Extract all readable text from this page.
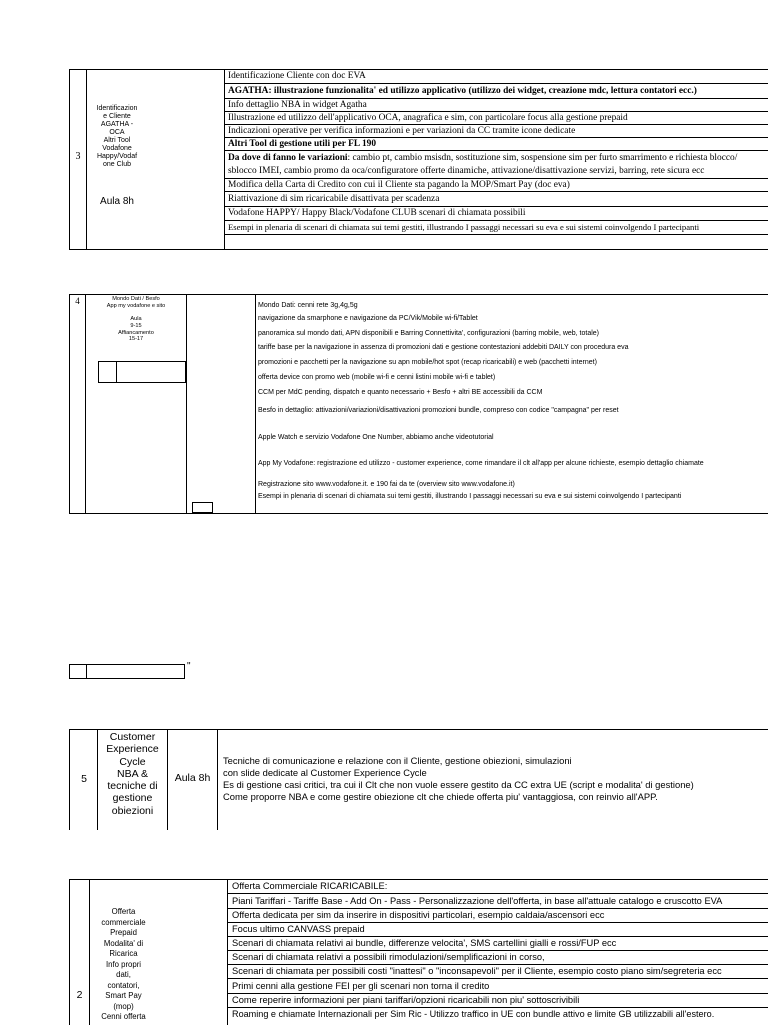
3
Identificazion
e Cliente
AGATHA -
OCA
Altri Tool
Vodafone
Happy/Vodaf
one Club
Aula 8h
Identificazione Cliente con doc EVA
AGATHA: illustrazione funzionalita' ed utilizzo applicativo (utilizzo dei widget, creazione mdc, lettura contatori ecc.)
Info dettaglio NBA in widget Agatha
Illustrazione ed utilizzo dell'applicativo OCA, anagrafica e sim, con particolare focus alla gestione prepaid
Indicazioni operative per verifica informazioni e per variazioni da CC tramite icone dedicate
Altri Tool di gestione utili per FL 190
Da dove di fanno le variazioni: cambio pt, cambio msisdn, sostituzione sim, sospensione sim per furto smarrimento e richiesta blocco/
sblocco IMEI, cambio promo da oca/configuratore offerte dinamiche, attivazione/disattivazione servizi, barring, rete sicura ecc
Modifica della Carta di Credito con cui il Cliente sta pagando la MOP/Smart Pay (doc eva)
Riattivazione di sim ricaricabile disattivata per scadenza
Vodafone HAPPY/ Happy Black/Vodafone CLUB scenari di chiamata possibili
Esempi in plenaria di scenari di chiamata sui temi gestiti, illustrando I passaggi necessari su eva e sui sistemi coinvolgendo I partecipanti
4	Mondo Dati / Besfo
App my vodafone e sito

Aula
9-15
Affiancamento
15-17
Mondo Dati: cenni rete 3g,4g,5g
navigazione da smarphone e navigazione da PC/Vik/Mobile wi-fi/Tablet
panoramica sul mondo dati, APN disponibili e Barring Connettivita', configurazioni (barring mobile, web, totale)
tariffe base per la navigazione in assenza di promozioni dati e gestione contestazioni addebiti DAILY con procedura eva
promozioni e pacchetti per la navigazione su apn mobile/hot spot (recap ricaricabili) e web (pacchetti internet)
offerta device con promo web (mobile wi-fi e cenni listini mobile wi-fi e tablet)
CCM per MdC pending, dispatch e quanto necessario + Besfo + altri BE accessibili da CCM
Besfo in dettaglio: attivazioni/variazioni/disattivazioni promozioni bundle, compreso con codice "campagna" per reset
Apple Watch e servizio Vodafone One Number, abbiamo anche videotutorial
App My Vodafone: registrazione ed utilizzo - customer experience, come rimandare il clt all'app per alcune richieste, esempio dettaglio chiamate
Registrazione sito www.vodafone.it. e 190 fai da te (overview sito www.vodafone.it)
Esempi in plenaria di scenari di chiamata sui temi gestiti, illustrando I passaggi necessari su eva e sui sistemi coinvolgendo I partecipanti
"
Customer
Experience
Cycle
NBA &
tecniche di
gestione
obiezioni
Aula 8h
Tecniche di comunicazione e relazione con il Cliente, gestione obiezioni, simulazioni
con slide dedicate al Customer Experience Cycle
Es di gestione casi critici, tra cui il Clt che non vuole essere gestito da CC extra UE (script e modalita' di gestione)
Come proporre NBA e come gestire obiezione clt che chiede offerta piu' vantaggiosa, con reinvio all'APP.
5
2
Offerta
commerciale
Prepaid
Modalita' di
Ricarica
Info propri
dati,
contatori,
Smart Pay
(mop)
Cenni offerta
Offerta Commerciale RICARICABILE:
Piani Tariffari - Tariffe Base - Add On - Pass - Personalizzazione dell'offerta, in base all'attuale catalogo e cruscotto EVA
Offerta dedicata per sim da inserire in dispositivi particolari, esempio caldaia/ascensori ecc
Focus ultimo CANVASS prepaid
Scenari di chiamata relativi ai bundle, differenze velocita', SMS cartellini gialli e rossi/FUP ecc
Scenari di chiamata relativi a possibili rimodulazioni/semplificazioni in corso,
Scenari di chiamata per possibili costi "inattesi" o "inconsapevoli" per il Cliente, esempio costo piano sim/segreteria ecc
Primi cenni alla gestione FEI per gli scenari non torna il credito
Come reperire informazioni per piani tariffari/opzioni ricaricabili non piu' sottoscrivibili
Roaming e chiamate Internazionali per Sim Ric - Utilizzo traffico in UE con bundle attivo e limite GB utilizzabili all'estero.
